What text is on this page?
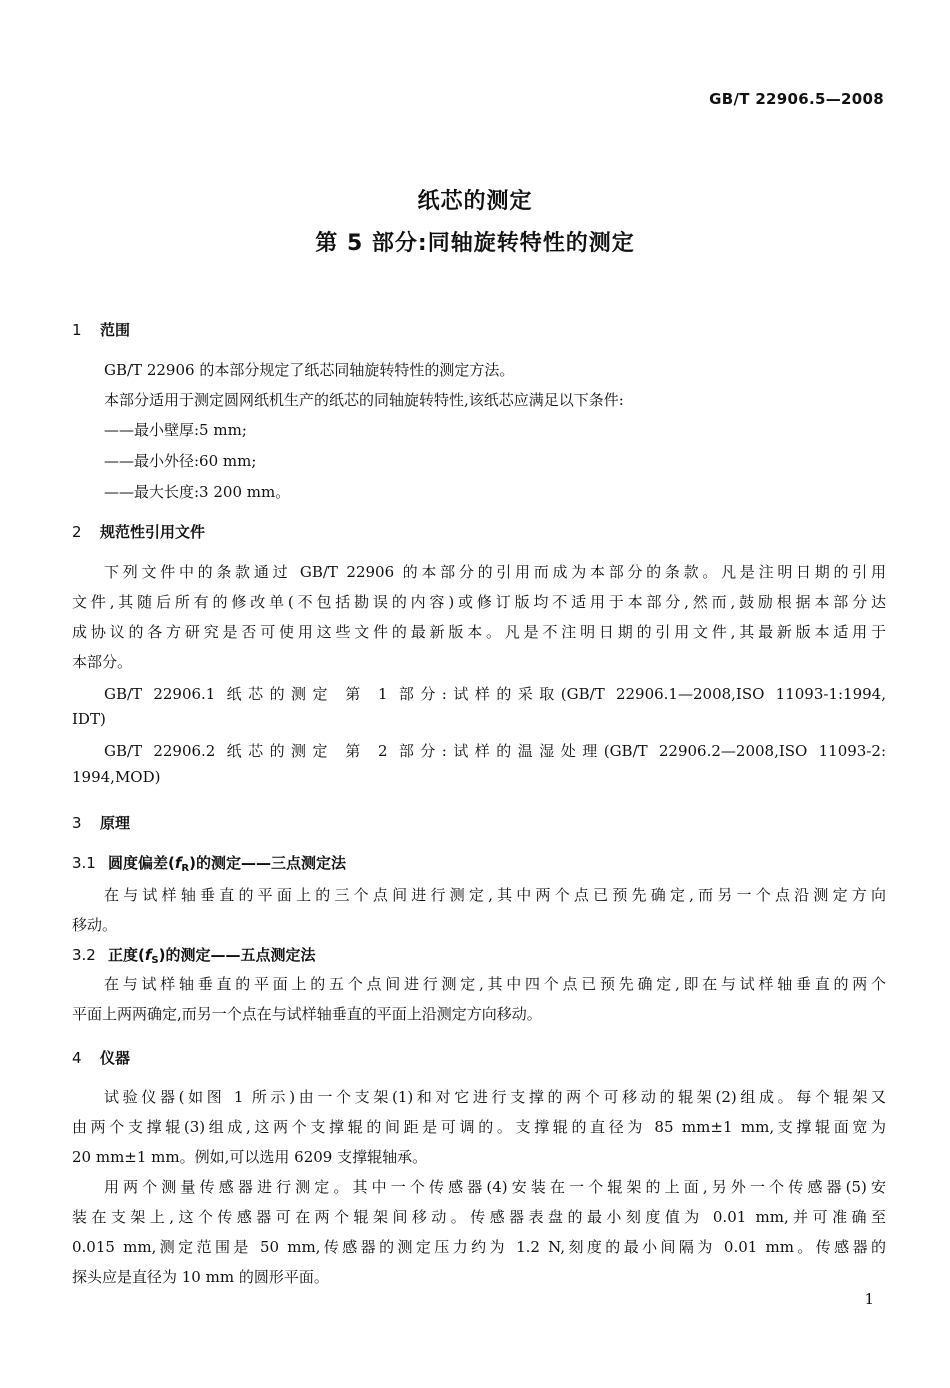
GB/T 22906.5—2008
纸芯的测定
第 5 部分:同轴旋转特性的测定
1 范围
GB/T 22906 的本部分规定了纸芯同轴旋转特性的测定方法。
本部分适用于测定圆网纸机生产的纸芯的同轴旋转特性,该纸芯应满足以下条件:
——最小壁厚:5 mm;
——最小外径:60 mm;
——最大长度:3 200 mm。
2 规范性引用文件
下列文件中的条款通过 GB/T 22906 的本部分的引用而成为本部分的条款。凡是注明日期的引用
文件,其随后所有的修改单(不包括勘误的内容)或修订版均不适用于本部分,然而,鼓励根据本部分达
成协议的各方研究是否可使用这些文件的最新版本。凡是不注明日期的引用文件,其最新版本适用于
本部分。
GB/T 22906.1 纸芯的测定 第 1 部分:试样的采取(GB/T 22906.1—2008,ISO 11093-1:1994,
IDT)
GB/T 22906.2 纸芯的测定 第 2 部分:试样的温湿处理(GB/T 22906.2—2008,ISO 11093-2:
1994,MOD)
3 原理
3.1 圆度偏差$(f_R)$的测定——三点测定法
在与试样轴垂直的平面上的三个点间进行测定,其中两个点已预先确定,而另一个点沿测定方向
移动。
3.2 正度$(f_S)$的测定——五点测定法
在与试样轴垂直的平面上的五个点间进行测定,其中四个点已预先确定,即在与试样轴垂直的两个
平面上两两确定,而另一个点在与试样轴垂直的平面上沿测定方向移动。
4 仪器
试验仪器(如图 1 所示)由一个支架(1)和对它进行支撑的两个可移动的辊架(2)组成。每个辊架又
由两个支撑辊(3)组成,这两个支撑辊的间距是可调的。支撑辊的直径为 85 mm±1 mm,支撑辊面宽为
20 mm±1 mm。例如,可以选用 6209 支撑辊轴承。
用两个测量传感器进行测定。其中一个传感器(4)安装在一个辊架的上面,另外一个传感器(5)安
装在支架上,这个传感器可在两个辊架间移动。传感器表盘的最小刻度值为 0.01 mm,并可准确至
0.015 mm,测定范围是 50 mm,传感器的测定压力约为 1.2 N,刻度的最小间隔为 0.01 mm。传感器的
探头应是直径为 10 mm 的圆形平面。
1
